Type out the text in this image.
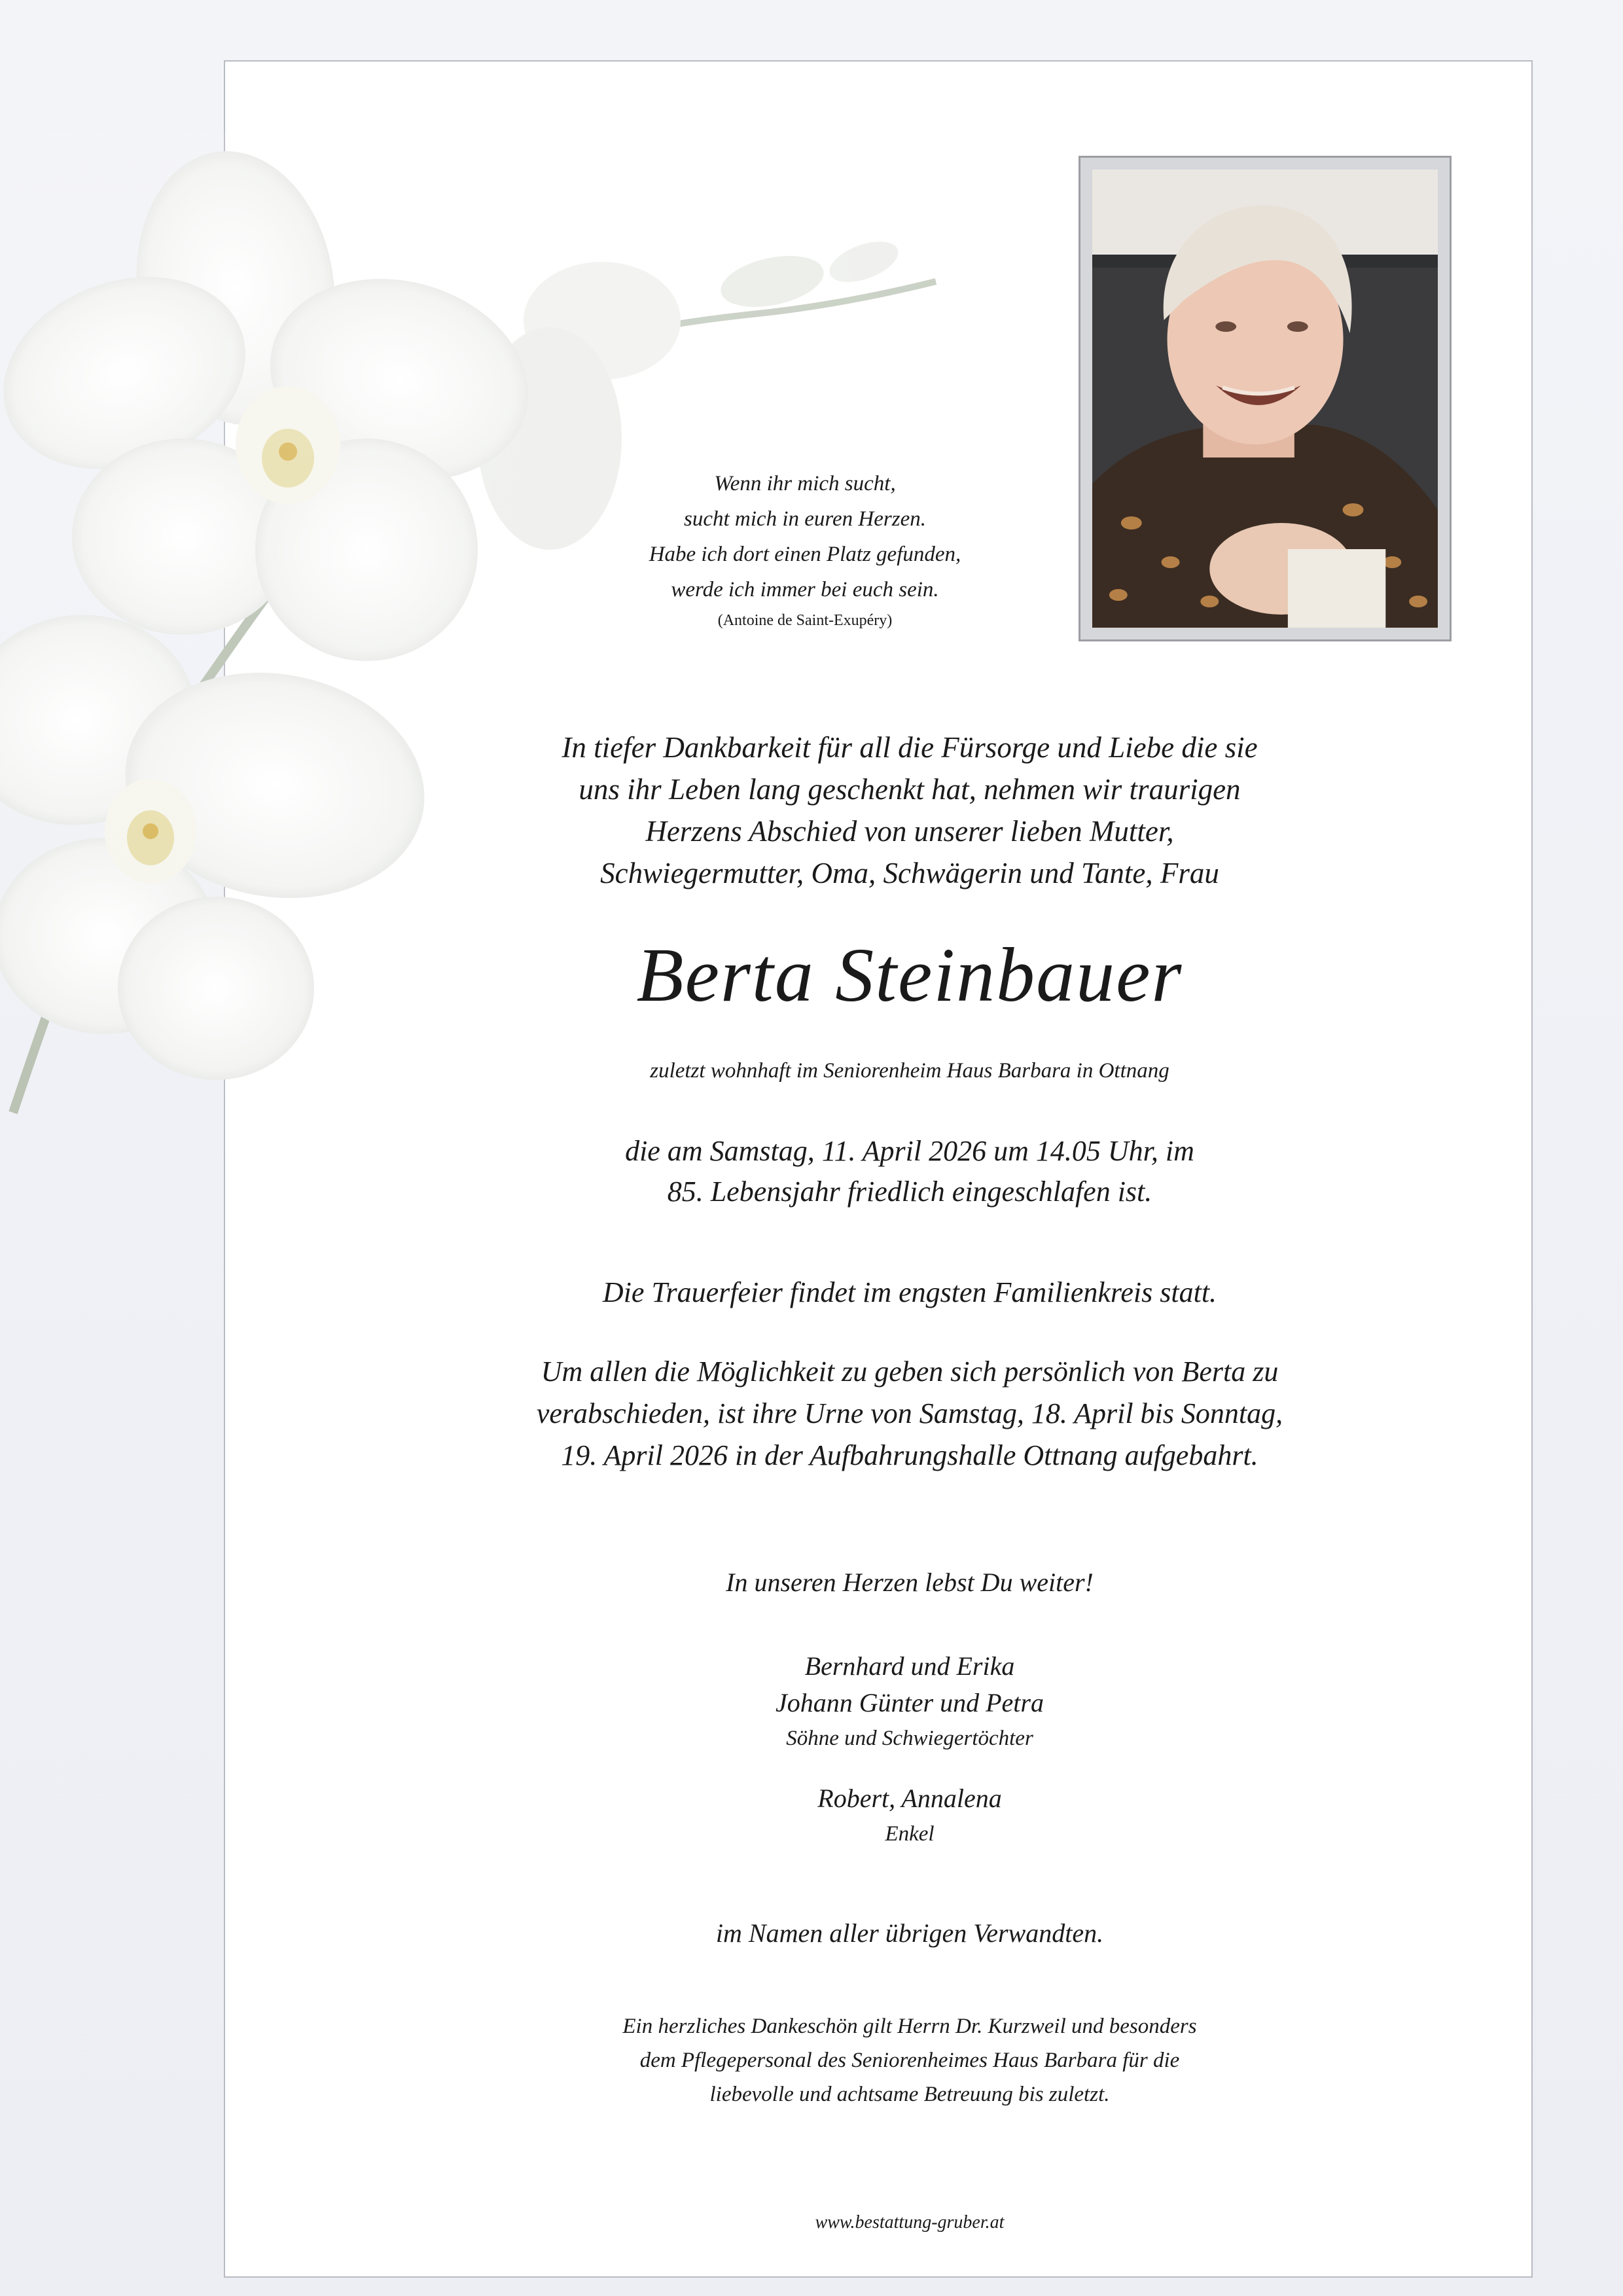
Wenn ihr mich sucht,
sucht mich in euren Herzen.
Habe ich dort einen Platz gefunden,
werde ich immer bei euch sein.
(Antoine de Saint-Exupéry)
In tiefer Dankbarkeit für all die Fürsorge und Liebe die sie
uns ihr Leben lang geschenkt hat, nehmen wir traurigen
Herzens Abschied von unserer lieben Mutter,
Schwiegermutter, Oma, Schwägerin und Tante, Frau
Berta Steinbauer
zuletzt wohnhaft im Seniorenheim Haus Barbara in Ottnang
die am Samstag, 11. April 2026 um 14.05 Uhr, im
85. Lebensjahr friedlich eingeschlafen ist.
Die Trauerfeier findet im engsten Familienkreis statt.
Um allen die Möglichkeit zu geben sich persönlich von Berta zu
verabschieden, ist ihre Urne von Samstag, 18. April bis Sonntag,
19. April 2026 in der Aufbahrungshalle Ottnang aufgebahrt.
In unseren Herzen lebst Du weiter!
Bernhard und Erika
Johann Günter und Petra
Söhne und Schwiegertöchter
Robert, Annalena
Enkel
im Namen aller übrigen Verwandten.
Ein herzliches Dankeschön gilt Herrn Dr. Kurzweil und besonders
dem Pflegepersonal des Seniorenheimes Haus Barbara für die
liebevolle und achtsame Betreuung bis zuletzt.
www.bestattung-gruber.at
